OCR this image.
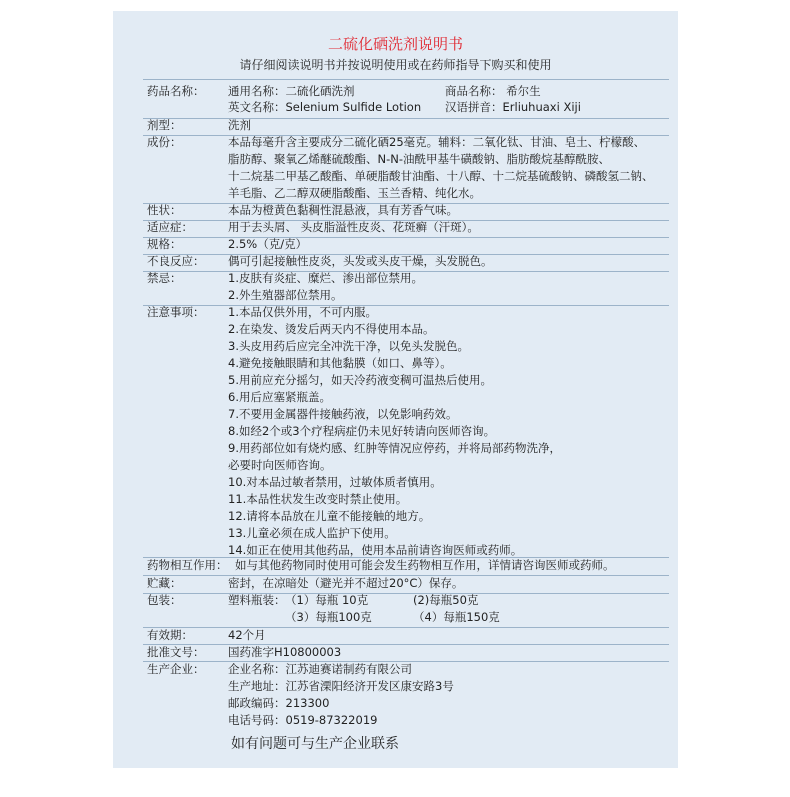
二硫化硒洗剂说明书
请仔细阅读说明书并按说明使用或在药师指导下购买和使用
药品名称： 通用名称：二硫化硒洗剂	商品名称： 希尔生
英文名称：Selenium Sulfide Lotion 汉语拼音：Erliuhuaxi Xiji
剂型：	洗剂
成份：	本品每毫升含主要成分二硫化硒25毫克。辅料：二氧化钛、甘油、皂土、柠檬酸、
脂肪醇、聚氧乙烯醚硫酸酯、N-N-油酰甲基牛磺酸钠、脂肪酸烷基醇酰胺、
十二烷基二甲基乙酸酯、单硬脂酸甘油酯、十八醇、十二烷基硫酸钠、磷酸氢二钠、
羊毛脂、乙二醇双硬脂酸酯、玉兰香精、纯化水。
性状：	本品为橙黄色黏稠性混悬液，具有芳香气味。
适应症：	用于去头屑、 头皮脂溢性皮炎、花斑癣（汗斑）。
规格：	2.5%（克/克）
不良反应： 偶可引起接触性皮炎，头发或头皮干燥，头发脱色。
禁忌：	1.皮肤有炎症、糜烂、渗出部位禁用。
2.外生殖器部位禁用。
注意事项： 1.本品仅供外用，不可内服。
2.在染发、烫发后两天内不得使用本品。
3.头皮用药后应完全冲洗干净，以免头发脱色。
4.避免接触眼睛和其他黏膜（如口、鼻等）。
5.用前应充分摇匀，如天冷药液变稠可温热后使用。
6.用后应塞紧瓶盖。
7.不要用金属器件接触药液，以免影响药效。
8.如经2个或3个疗程病症仍未见好转请向医师咨询。
9.用药部位如有烧灼感、红肿等情况应停药，并将局部药物洗净，
必要时向医师咨询。
10.对本品过敏者禁用，过敏体质者慎用。
11.本品性状发生改变时禁止使用。
12.请将本品放在儿童不能接触的地方。
13.儿童必须在成人监护下使用。
14.如正在使用其他药品，使用本品前请咨询医师或药师。
药物相互作用： 如与其他药物同时使用可能会发生药物相互作用，详情请咨询医师或药师。
贮藏：	密封，在凉暗处（避光并不超过20°C）保存。
包装：	塑料瓶装： （1）每瓶 10克	(2)每瓶50克
（3）每瓶100克	（4）每瓶150克
有效期：	42个月
批准文号： 国药准字H10800003
生产企业： 企业名称：江苏迪赛诺制药有限公司
生产地址：江苏省溧阳经济开发区康安路3号
邮政编码：213300
电话号码：0519-87322019
如有问题可与生产企业联系
